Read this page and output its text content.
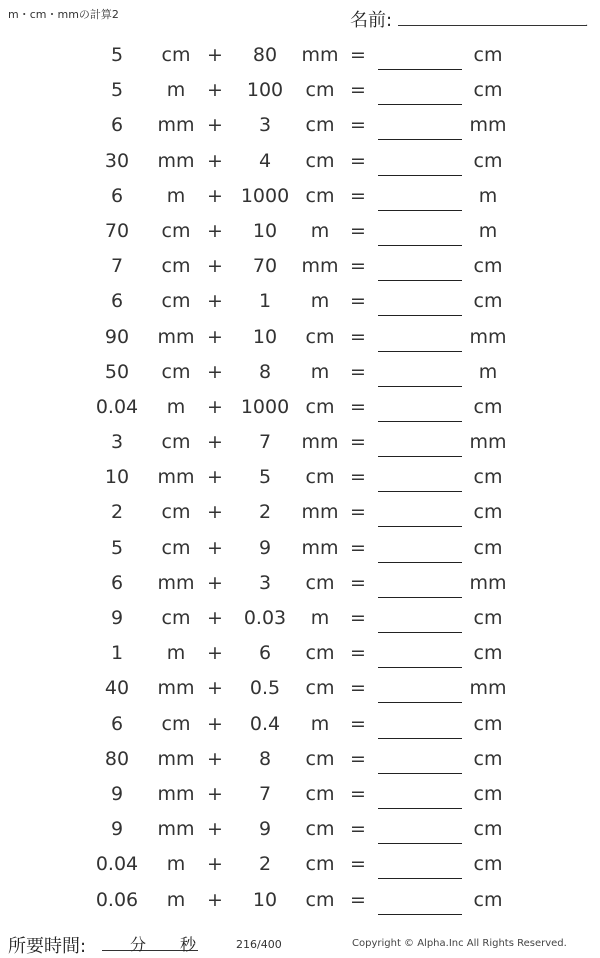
m・cm・mmの計算2	名前:	.
5	cm +	80	mm =	cm
5	m	+	100	cm =	cm
6	mm +	3	cm =	mm
30	mm +	4	cm =	cm
6	m	+ 1000 cm =	m
70	cm +	10	m	=	m
7	cm +	70	mm =	cm
6	cm +	1	m	=	cm
90	mm +	10	cm =	mm
50	cm +	8	m	=	m
0.04	m	+ 1000 cm =	cm
3	cm +	7	mm =	mm
10	mm +	5	cm =	cm
2	cm +	2	mm =	cm
5	cm +	9	mm =	cm
6	mm +	3	cm =	mm
9	cm +	0.03	m	=	cm
1	m	+	6	cm =	cm
40	mm +	0.5	cm =	mm
6	cm +	0.4	m	=	cm
80	mm +	8	cm =	cm
9	mm +	7	cm =	cm
9	mm +	9	cm =	cm
0.04	m	+	2	cm =	cm
0.06	m	+	10	cm =	cm
所要時間:	分 秒	216/400	Copyright © Alpha.Inc All Rights Reserved.
